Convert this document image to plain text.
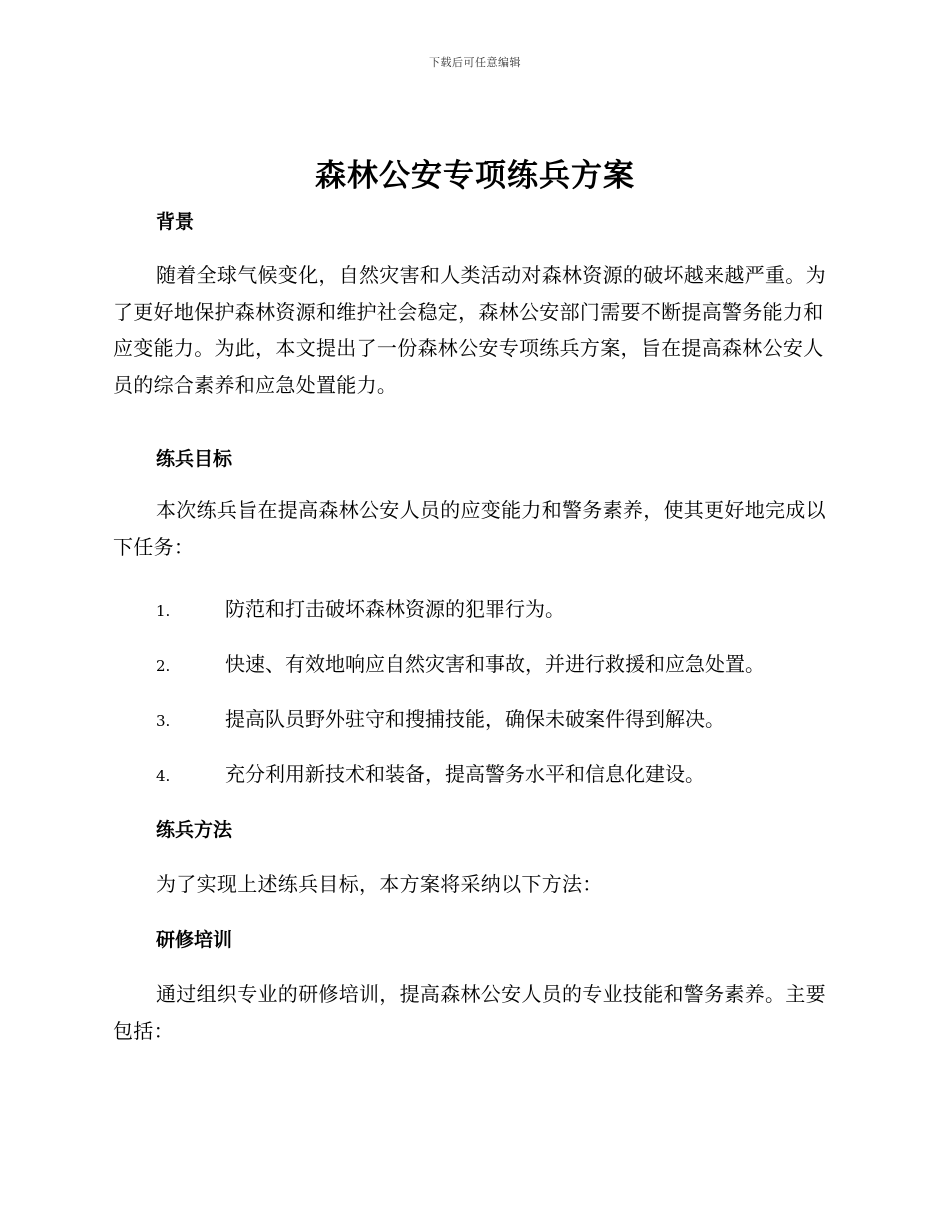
下载后可任意编辑
森林公安专项练兵方案
背景
随着全球气候变化，自然灾害和人类活动对森林资源的破坏越来越严重。为了更好地保护森林资源和维护社会稳定，森林公安部门需要不断提高警务能力和应变能力。为此，本文提出了一份森林公安专项练兵方案，旨在提高森林公安人员的综合素养和应急处置能力。
练兵目标
本次练兵旨在提高森林公安人员的应变能力和警务素养，使其更好地完成以下任务：
1.	防范和打击破坏森林资源的犯罪行为。
2.	快速、有效地响应自然灾害和事故，并进行救援和应急处置。
3.	提高队员野外驻守和搜捕技能，确保未破案件得到解决。
4.	充分利用新技术和装备，提高警务水平和信息化建设。
练兵方法
为了实现上述练兵目标，本方案将采纳以下方法：
研修培训
通过组织专业的研修培训，提高森林公安人员的专业技能和警务素养。主要包括：
